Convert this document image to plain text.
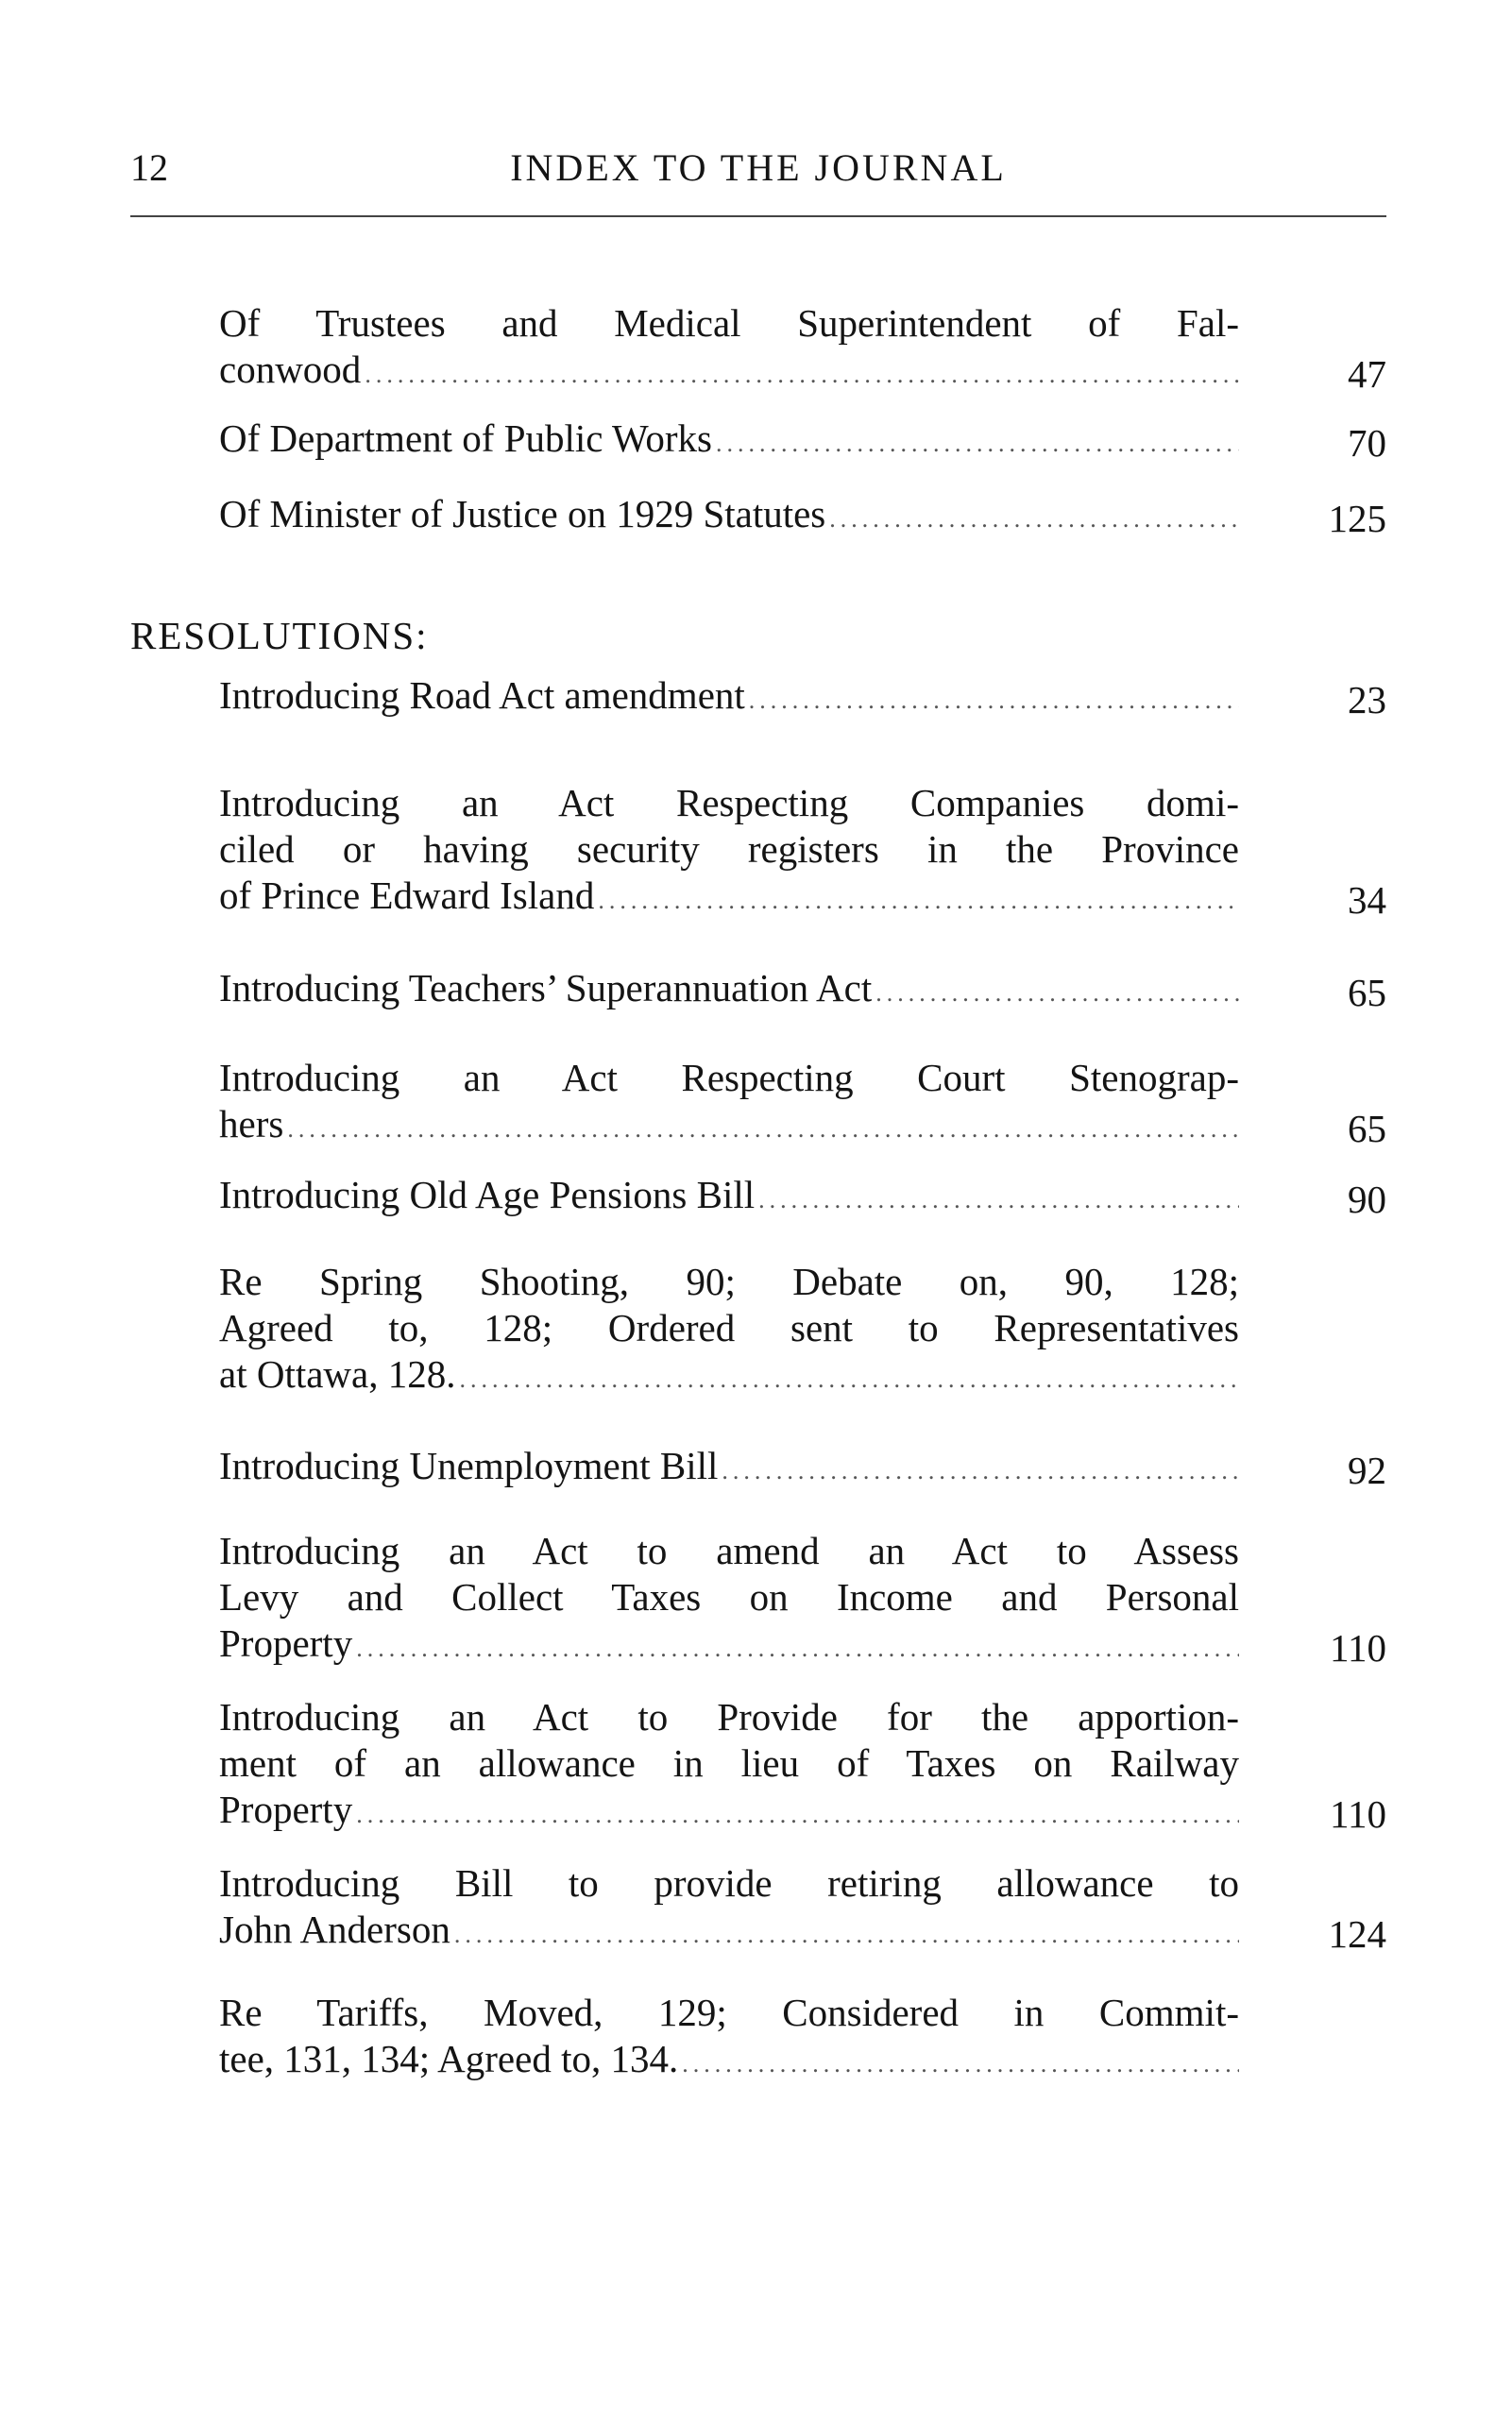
12	INDEX TO THE JOURNAL
RESOLUTIONS:
Of Trustees and Medical Superintendent of Fal-
conwood .....	47
Of Department of Public Works .....	70
Of Minister of Justice on 1929 Statutes .....	125
Introducing Road Act amendment .....	23
Introducing an Act Respecting Companies domi-
ciled or having security registers in the Province
of Prince Edward Island .....	34
Introducing Teachers’ Superannuation Act .....	65
Introducing an Act Respecting Court Stenograp-
hers .....	65
Introducing Old Age Pensions Bill .....	90
Re Spring Shooting, 90; Debate on, 90, 128;
Agreed to, 128; Ordered sent to Representatives
at Ottawa, 128.
.....
Introducing Unemployment Bill .....	92
Introducing an Act to amend an Act to Assess
Levy and Collect Taxes on Income and Personal
Property .....	110
Introducing an Act to Provide for the apportion-
ment of an allowance in lieu of Taxes on Railway
Property .....	110
Introducing Bill to provide retiring allowance to
John Anderson .....	124
Re Tariffs, Moved, 129; Considered in Commit-
tee, 131, 134; Agreed to, 134.
.....
